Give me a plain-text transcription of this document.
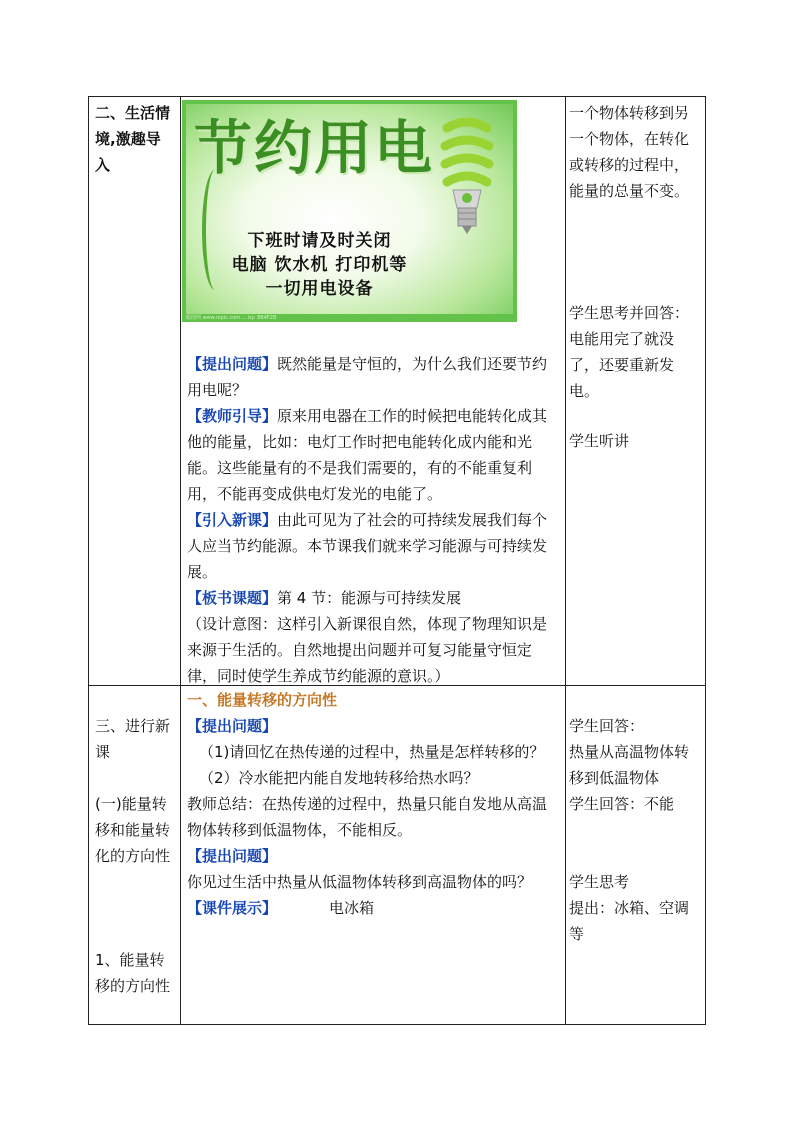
二、生活情境,激趣导入	节约用电
下班时请及时关闭
电脑 饮水机 打印机等
一切用电设备
昵图网 www.nipic.com ... by: 8B4F2B

【提出问题】既然能量是守恒的，为什么我们还要节约用电呢？

【教师引导】原来用电器在工作的时候把电能转化成其他的能量，比如：电灯工作时把电能转化成内能和光能。这些能量有的不是我们需要的，有的不能重复利用，不能再变成供电灯发光的电能了。

【引入新课】由此可见为了社会的可持续发展我们每个人应当节约能源。本节课我们就来学习能源与可持续发展。

【板书课题】第 4 节：能源与可持续发展

（设计意图：这样引入新课很自然，体现了物理知识是来源于生活的。自然地提出问题并可复习能量守恒定律，同时使学生养成节约能源的意识。）

一个物体转移到另一个物体，在转化或转移的过程中，能量的总量不变。
学生思考并回答：电能用完了就没了，还要重新发电。
学生听讲
三、进行新课
(一)能量转移和能量转化的方向性
1、能量转移的方向性

一、能量转移的方向性

【提出问题】

（1)请回忆在热传递的过程中，热量是怎样转移的？

（2）冷水能把内能自发地转移给热水吗？

教师总结：在热传递的过程中，热量只能自发地从高温物体转移到低温物体，不能相反。

【提出问题】

你见过生活中热量从低温物体转移到高温物体的吗？

【课件展示】	电冰箱

学生回答：
热量从高温物体转移到低温物体
学生回答：不能
学生思考
提出：冰箱、空调等
